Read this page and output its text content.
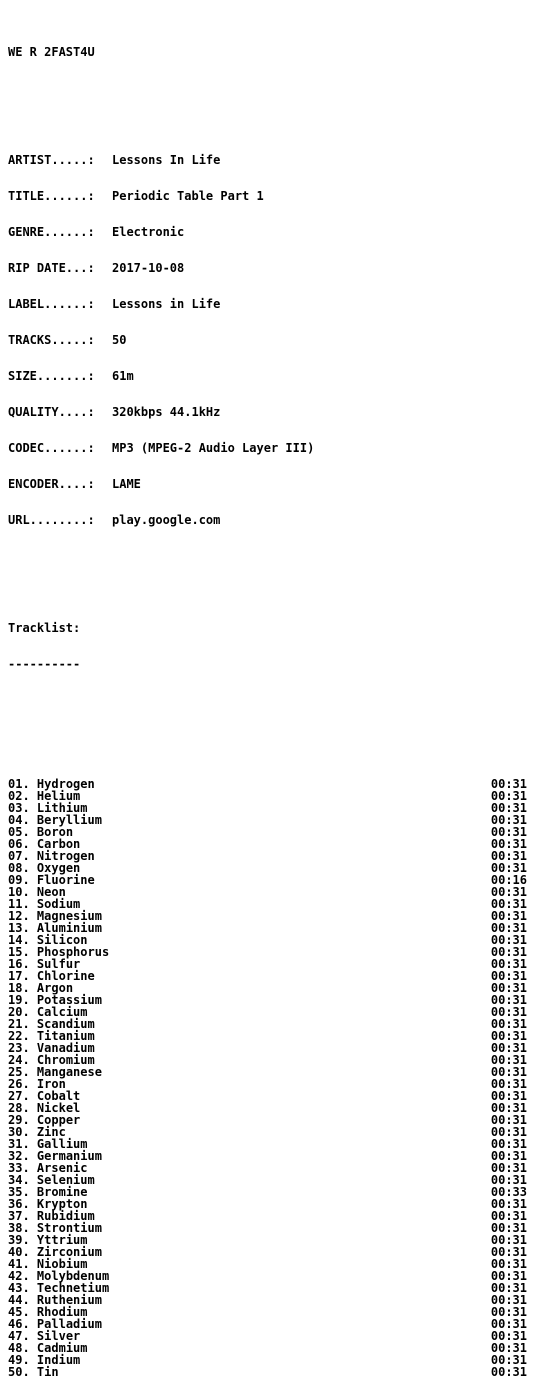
WE R 2FAST4U

ARTIST.....:	Lessons In Life

TITLE......:	Periodic Table Part 1

GENRE......:	Electronic

RIP DATE...:	2017-10-08

LABEL......:	Lessons in Life

TRACKS.....:	50

SIZE.......:	61m

QUALITY....:	320kbps 44.1kHz

CODEC......:	MP3 (MPEG-2 Audio Layer III)

ENCODER....:	LAME

URL........:	play.google.com

Tracklist:

----------

01. Hydrogen	00:31
02. Helium	00:31
03. Lithium	00:31
04. Beryllium	00:31
05. Boron	00:31
06. Carbon	00:31
07. Nitrogen	00:31
08. Oxygen	00:31
09. Fluorine	00:16
10. Neon	00:31
11. Sodium	00:31
12. Magnesium	00:31
13. Aluminium	00:31
14. Silicon	00:31
15. Phosphorus	00:31
16. Sulfur	00:31
17. Chlorine	00:31
18. Argon	00:31
19. Potassium	00:31
20. Calcium	00:31
21. Scandium	00:31
22. Titanium	00:31
23. Vanadium	00:31
24. Chromium	00:31
25. Manganese	00:31
26. Iron	00:31
27. Cobalt	00:31
28. Nickel	00:31
29. Copper	00:31
30. Zinc	00:31
31. Gallium	00:31
32. Germanium	00:31
33. Arsenic	00:31
34. Selenium	00:31
35. Bromine	00:33
36. Krypton	00:31
37. Rubidium	00:31
38. Strontium	00:31
39. Yttrium	00:31
40. Zirconium	00:31
41. Niobium	00:31
42. Molybdenum	00:31
43. Technetium	00:31
44. Ruthenium	00:31
45. Rhodium	00:31
46. Palladium	00:31
47. Silver	00:31
48. Cadmium	00:31
49. Indium	00:31
50. Tin	00:31
